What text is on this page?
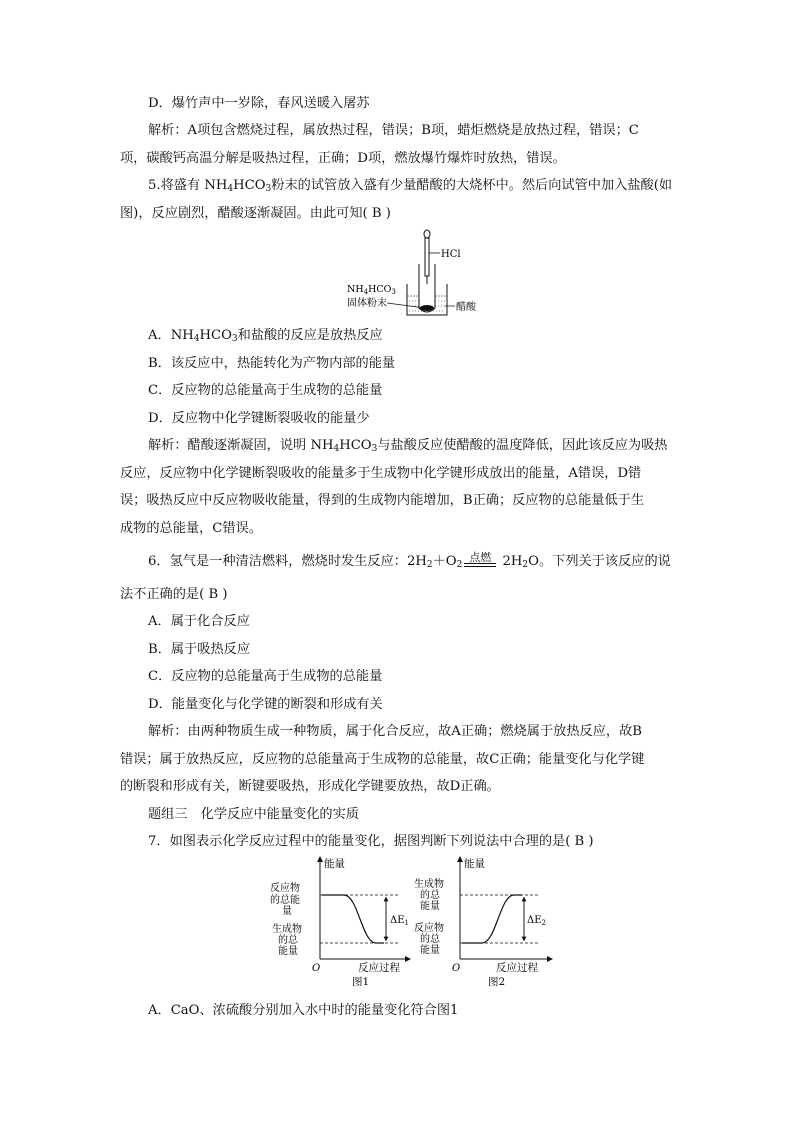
D．爆竹声中一岁除，春风送暖入屠苏
解析：A项包含燃烧过程，属放热过程，错误；B项，蜡炬燃烧是放热过程，错误；C
项，碳酸钙高温分解是吸热过程，正确；D项，燃放爆竹爆炸时放热，错误。
5.将盛有 $NH_4HCO_3$粉末的试管放入盛有少量醋酸的大烧杯中。然后向试管中加入盐酸(如
图)，反应剧烈，醋酸逐渐凝固。由此可知( B )
HCl
$NH_4HCO_3$
固体粉末	醋酸
A．$NH_4HCO_3$和盐酸的反应是放热反应
B．该反应中，热能转化为产物内部的能量
C．反应物的总能量高于生成物的总能量
D．反应物中化学键断裂吸收的能量少
解析：醋酸逐渐凝固，说明 $NH_4HCO_3$与盐酸反应使醋酸的温度降低，因此该反应为吸热
反应，反应物中化学键断裂吸收的能量多于生成物中化学键形成放出的能量，A错误，D错
误；吸热反应中反应物吸收能量，得到的生成物内能增加，B正确；反应物的总能量低于生
成物的总能量，C错误。
6．氢气是一种清洁燃料，燃烧时发生反应：$2H_2+O_2$
点燃 $2H_2O$。下列关于该反应的说
法不正确的是( B )
A．属于化合反应
B．属于吸热反应
C．反应物的总能量高于生成物的总能量
D．能量变化与化学键的断裂和形成有关
解析：由两种物质生成一种物质，属于化合反应，故A正确；燃烧属于放热反应，故B
错误；属于放热反应，反应物的总能量高于生成物的总能量，故C正确；能量变化与化学键
的断裂和形成有关，断键要吸热，形成化学键要放热，故D正确。
题组三　化学反应中能量变化的实质
7．如图表示化学反应过程中的能量变化，据图判断下列说法中合理的是( B )
能量
O	反应过程
$\Delta E_1$
反应物
的总能
量
生成物
的总
能量
图1
能量
O	反应过程
$\Delta E_2$
生成物
的总
能量
反应物
的总
能量
图2
A．CaO、浓硫酸分别加入水中时的能量变化符合图1
